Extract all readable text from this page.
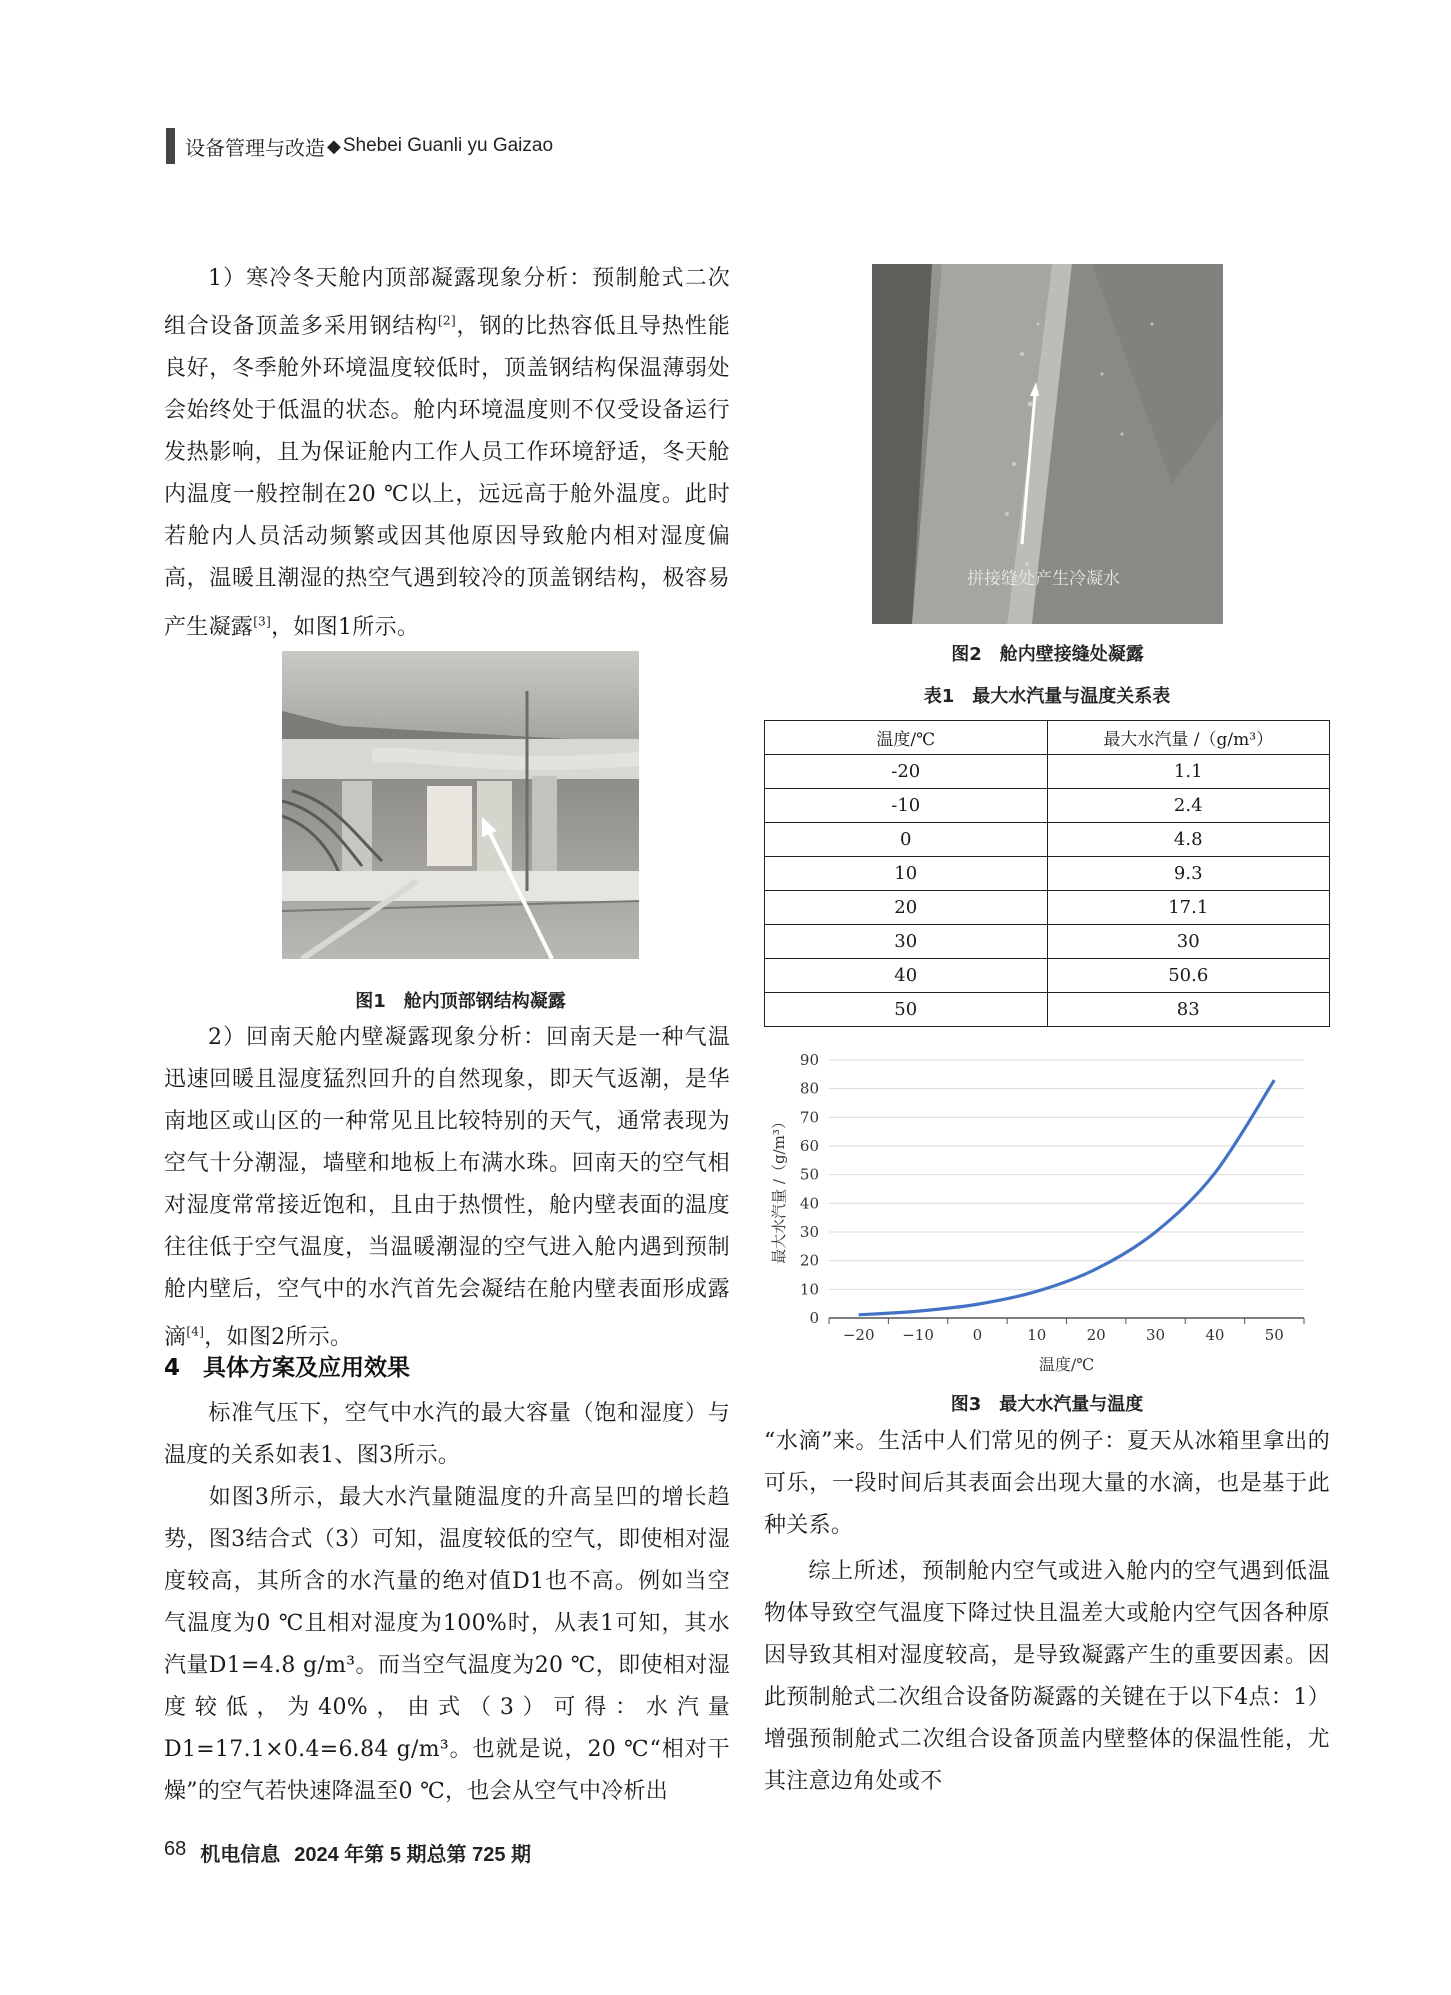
设备管理与改造 ◆ Shebei Guanli yu Gaizao

1）寒冷冬天舱内顶部凝露现象分析：预制舱式二次组合设备顶盖多采用钢结构[2]，钢的比热容低且导热性能良好，冬季舱外环境温度较低时，顶盖钢结构保温薄弱处会始终处于低温的状态。舱内环境温度则不仅受设备运行发热影响，且为保证舱内工作人员工作环境舒适，冬天舱内温度一般控制在20 ℃以上，远远高于舱外温度。此时若舱内人员活动频繁或因其他原因导致舱内相对湿度偏高，温暖且潮湿的热空气遇到较冷的顶盖钢结构，极容易产生凝露[3]，如图1所示。

图1　舱内顶部钢结构凝露

2）回南天舱内壁凝露现象分析：回南天是一种气温迅速回暖且湿度猛烈回升的自然现象，即天气返潮，是华南地区或山区的一种常见且比较特别的天气，通常表现为空气十分潮湿，墙壁和地板上布满水珠。回南天的空气相对湿度常常接近饱和，且由于热惯性，舱内壁表面的温度往往低于空气温度，当温暖潮湿的空气进入舱内遇到预制舱内壁后，空气中的水汽首先会凝结在舱内壁表面形成露滴[4]，如图2所示。

4　具体方案及应用效果

标准气压下，空气中水汽的最大容量（饱和湿度）与温度的关系如表1、图3所示。

如图3所示，最大水汽量随温度的升高呈凹的增长趋势，图3结合式（3）可知，温度较低的空气，即使相对湿度较高，其所含的水汽量的绝对值D1也不高。例如当空气温度为0 ℃且相对湿度为100%时，从表1可知，其水汽量D1=4.8 g/m³。而当空气温度为20 ℃，即使相对湿度较低，为40%，由式（3）可得：水汽量D1=17.1×0.4=6.84 g/m³。也就是说，20 ℃“相对干燥”的空气若快速降温至0 ℃，也会从空气中冷析出

拼接缝处产生冷凝水
图2　舱内壁接缝处凝露
表1　最大水汽量与温度关系表
温度/℃	最大水汽量 /（g/m³）
-20	1.1
-10	2.4
0	4.8
10	9.3
20	17.1
30	30
40	50.6
50	83
0
10
20
30
40
50
60
70
80
90
−20 −10	0	10	20	30	40	50
温度/℃
最大水汽量 /（g/m³）
图3　最大水汽量与温度

“水滴”来。生活中人们常见的例子：夏天从冰箱里拿出的可乐，一段时间后其表面会出现大量的水滴，也是基于此种关系。

综上所述，预制舱内空气或进入舱内的空气遇到低温物体导致空气温度下降过快且温差大或舱内空气因各种原因导致其相对湿度较高，是导致凝露产生的重要因素。因此预制舱式二次组合设备防凝露的关键在于以下4点：1）增强预制舱式二次组合设备顶盖内壁整体的保温性能，尤其注意边角处或不

68 机电信息 2024 年第 5 期总第 725 期
